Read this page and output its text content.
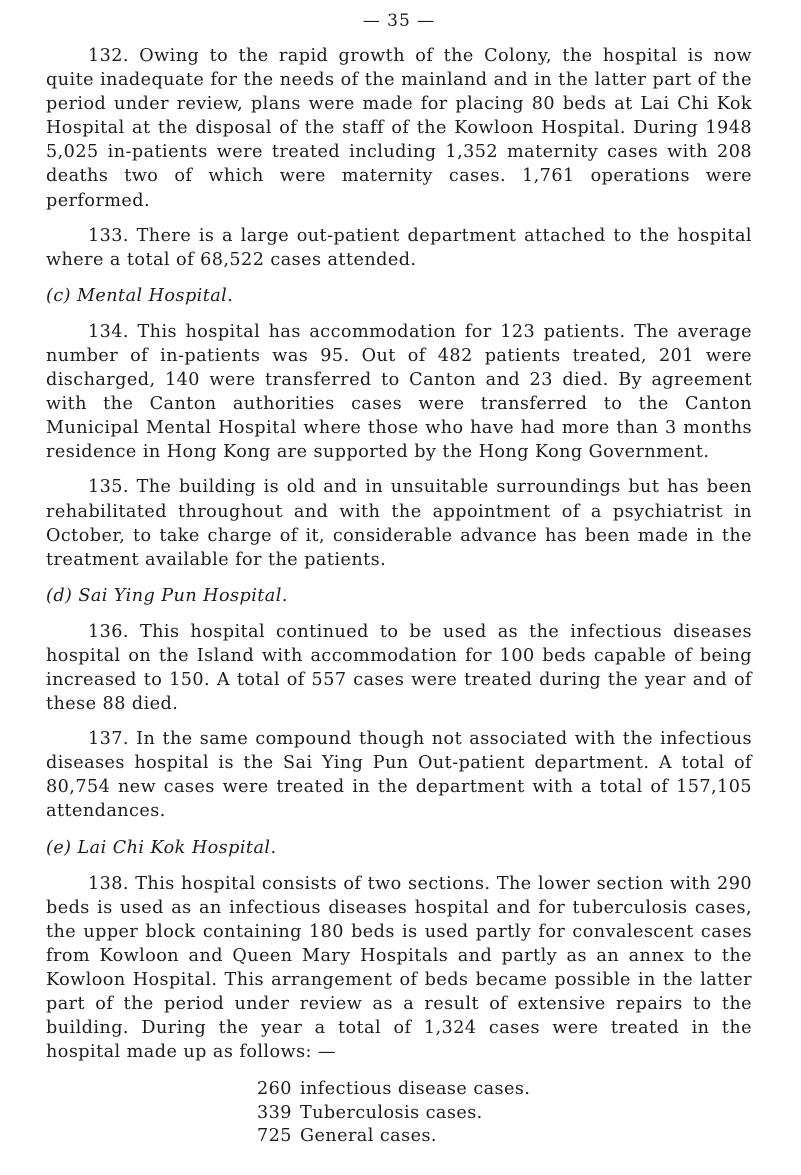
— 35 —

132. Owing to the rapid growth of the Colony, the hospital is now quite inadequate for the needs of the mainland and in the latter part of the period under review, plans were made for placing 80 beds at Lai Chi Kok Hospital at the disposal of the staff of the Kowloon Hospital. During 1948 5,025 in-patients were treated including 1,352 maternity cases with 208 deaths two of which were maternity cases. 1,761 operations were performed.

133. There is a large out-patient department attached to the hospital where a total of 68,522 cases attended.

(c) Mental Hospital.

134. This hospital has accommodation for 123 patients. The average number of in-patients was 95. Out of 482 patients treated, 201 were discharged, 140 were transferred to Canton and 23 died. By agreement with the Canton authorities cases were transferred to the Canton Municipal Mental Hospital where those who have had more than 3 months residence in Hong Kong are supported by the Hong Kong Government.

135. The building is old and in unsuitable surroundings but has been rehabilitated throughout and with the appointment of a psychiatrist in October, to take charge of it, considerable advance has been made in the treatment available for the patients.

(d) Sai Ying Pun Hospital.

136. This hospital continued to be used as the infectious diseases hospital on the Island with accommodation for 100 beds capable of being increased to 150. A total of 557 cases were treated during the year and of these 88 died.

137. In the same compound though not associated with the infectious diseases hospital is the Sai Ying Pun Out-patient department. A total of 80,754 new cases were treated in the department with a total of 157,105 attendances.

(e) Lai Chi Kok Hospital.

138. This hospital consists of two sections. The lower section with 290 beds is used as an infectious diseases hospital and for tuberculosis cases, the upper block containing 180 beds is used partly for convalescent cases from Kowloon and Queen Mary Hospitals and partly as an annex to the Kowloon Hospital. This arrangement of beds became possible in the latter part of the period under review as a result of extensive repairs to the building. During the year a total of 1,324 cases were treated in the hospital made up as follows: —

260 infectious disease cases.
339 Tuberculosis cases.
725 General cases.
